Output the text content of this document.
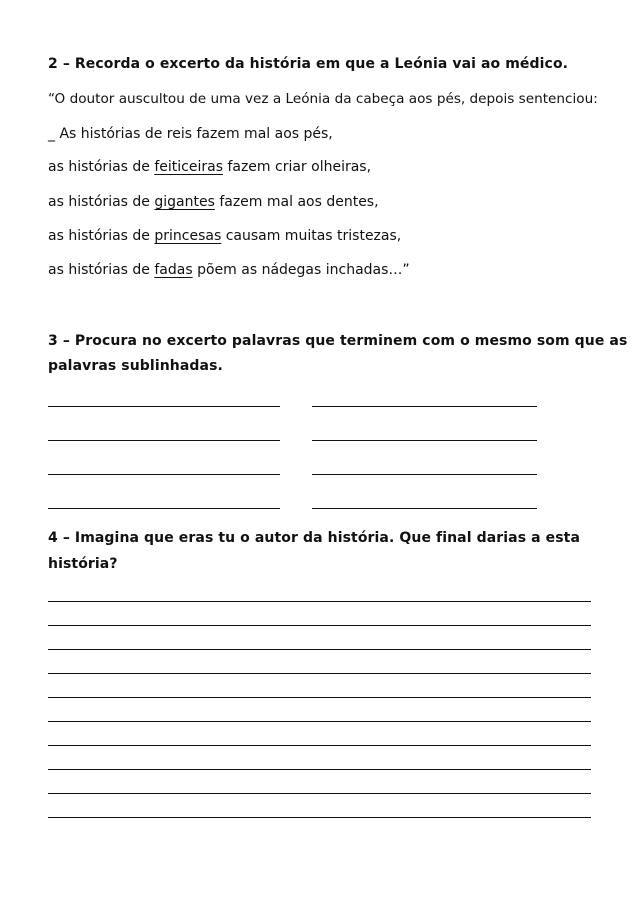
2 – Recorda o excerto da história em que a Leónia vai ao médico.
“O doutor auscultou de uma vez a Leónia da cabeça aos pés, depois sentenciou:
_ As histórias de reis fazem mal aos pés,
as histórias de feiticeiras fazem criar olheiras,
as histórias de gigantes fazem mal aos dentes,
as histórias de princesas causam muitas tristezas,
as histórias de fadas põem as nádegas inchadas…”
3 – Procura no excerto palavras que terminem com o mesmo som que as
palavras sublinhadas.
4 – Imagina que eras tu o autor da história. Que final darias a esta
história?
